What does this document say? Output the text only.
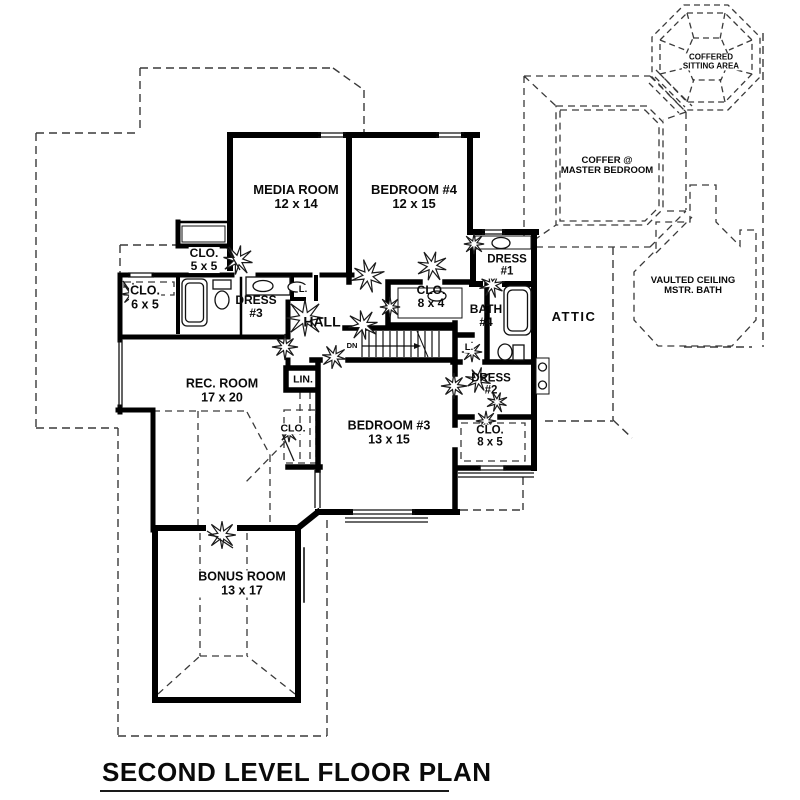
MEDIA ROOM
12 x 14
BEDROOM #4
12 x 15
CLO.
5 x 5
CLO.
6 x 5	DRESS
#3
HALL
L.	CLO.
8 x 4 BATH
#4
DRESS
#1
ATTIC
COFFERED
SITTING AREA
COFFER @
MASTER BEDROOM
VAULTED CEILING
MSTR. BATH
L.
DRESS
#2
LIN.
REC. ROOM
17 x 20
CLO.	BEDROOM #3
13 x 15
CLO.
8 x 5
BONUS ROOM
13 x 17
DN
SECOND LEVEL FLOOR PLAN
